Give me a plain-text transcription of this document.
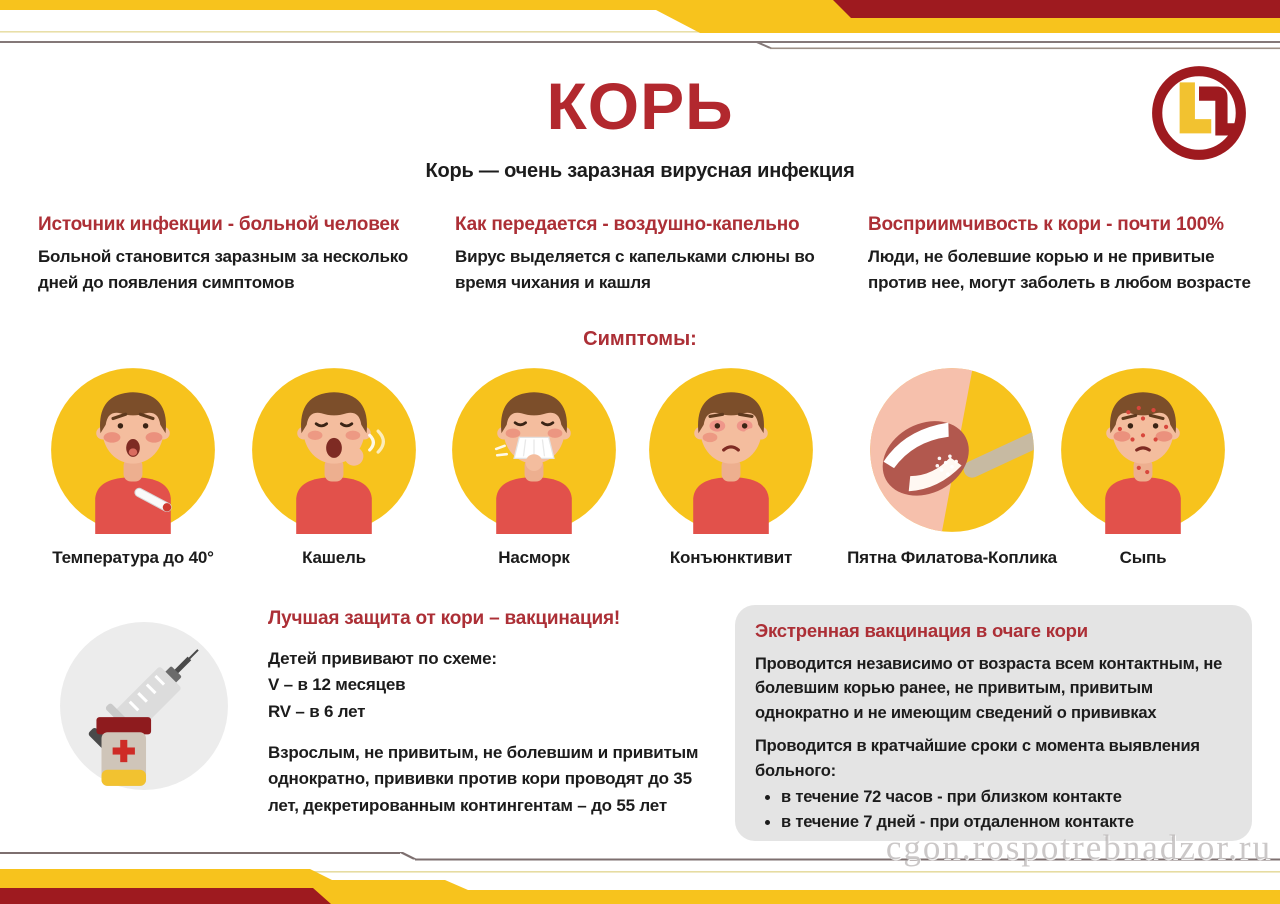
КОРЬ
Корь — очень заразная вирусная инфекция
Источник инфекции - больной человек
Больной становится заразным за несколько дней до появления симптомов
Как передается - воздушно-капельно
Вирус выделяется с капельками слюны во время чихания и кашля
Восприимчивость к кори - почти 100%
Люди, не болевшие корью и не привитые против нее, могут заболеть в любом возрасте
Симптомы:
Температура до 40°	Кашель	Насморк	Конъюнктивит	Пятна Филатова-Коплика	Сыпь
Лучшая защита от кори – вакцинация!
Детей прививают по схеме:
V – в 12 месяцев
RV – в 6 лет
Взрослым, не привитым, не болевшим и привитым однократно, прививки против кори проводят до 35 лет, декретированным контингентам – до 55 лет
Экстренная вакцинация в очаге кори
Проводится независимо от возраста всем контактным, не болевшим корью ранее, не привитым, привитым однократно и не имеющим сведений о прививках
Проводится в кратчайшие сроки с момента выявления больного:
• в течение 72 часов - при близком контакте
• в течение 7 дней - при отдаленном контакте
cgon.rospotrebnadzor.ru
